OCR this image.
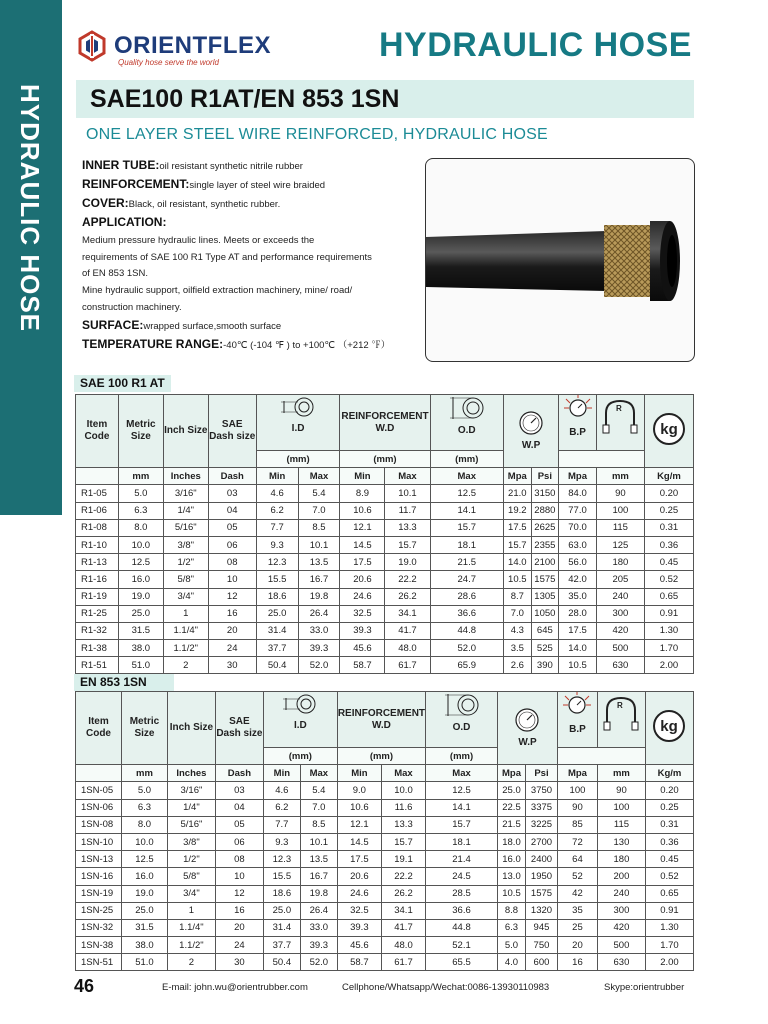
HYDRAULIC HOSE
ORIENTFLEX
Quality hose serve the world	HYDRAULIC HOSE
SAE100 R1AT/EN 853 1SN
ONE LAYER STEEL WIRE REINFORCED, HYDRAULIC HOSE
INNER TUBE:oil resistant synthetic nitrile rubber
REINFORCEMENT:single layer of steel wire braided
COVER:Black, oil resistant, synthetic rubber.
APPLICATION:
Medium pressure hydraulic lines. Meets or exceeds the
requirements of SAE 100 R1 Type AT and performance requirements
of EN 853 1SN.
Mine hydraulic support, oilfield extraction machinery, mine/ road/
construction machinery.
SURFACE:wrapped surface,smooth surface
TEMPERATURE RANGE:-40℃ (-104 ℉ ) to +100℃ （+212 ℉）
SAE 100 R1 AT
Item Code	Metric Size	Inch Size	SAE Dash size	I.D		REINFORCEMENT W.D		O.D	W.P		B.P	R	kg

				(mm)		(mm)		(mm)					
	mm	Inches	Dash	Min	Max	Min	Max	Max	Mpa	Psi	Mpa	mm	Kg/m
R1-05	5.0	3/16"	03	4.6	5.4	8.9	10.1	12.5	21.0	3150	84.0	90	0.20
R1-06	6.3	1/4"	04	6.2	7.0	10.6	11.7	14.1	19.2	2880	77.0	100	0.25
R1-08	8.0	5/16"	05	7.7	8.5	12.1	13.3	15.7	17.5	2625	70.0	115	0.31
R1-10	10.0	3/8"	06	9.3	10.1	14.5	15.7	18.1	15.7	2355	63.0	125	0.36
R1-13	12.5	1/2"	08	12.3	13.5	17.5	19.0	21.5	14.0	2100	56.0	180	0.45
R1-16	16.0	5/8"	10	15.5	16.7	20.6	22.2	24.7	10.5	1575	42.0	205	0.52
R1-19	19.0	3/4"	12	18.6	19.8	24.6	26.2	28.6	8.7	1305	35.0	240	0.65
R1-25	25.0	1	16	25.0	26.4	32.5	34.1	36.6	7.0	1050	28.0	300	0.91
R1-32	31.5	1.1/4"	20	31.4	33.0	39.3	41.7	44.8	4.3	645	17.5	420	1.30
R1-38	38.0	1.1/2"	24	37.7	39.3	45.6	48.0	52.0	3.5	525	14.0	500	1.70
R1-51	51.0	2	30	50.4	52.0	58.7	61.7	65.9	2.6	390	10.5	630	2.00
EN 853 1SN
Item Code	Metric Size	Inch Size	SAE Dash size	I.D		REINFORCEMENT W.D		O.D	W.P		B.P	R	kg

				(mm)		(mm)		(mm)					
	mm	Inches	Dash	Min	Max	Min	Max	Max	Mpa	Psi	Mpa	mm	Kg/m
1SN-05	5.0	3/16"	03	4.6	5.4	9.0	10.0	12.5	25.0	3750	100	90	0.20
1SN-06	6.3	1/4"	04	6.2	7.0	10.6	11.6	14.1	22.5	3375	90	100	0.25
1SN-08	8.0	5/16"	05	7.7	8.5	12.1	13.3	15.7	21.5	3225	85	115	0.31
1SN-10	10.0	3/8"	06	9.3	10.1	14.5	15.7	18.1	18.0	2700	72	130	0.36
1SN-13	12.5	1/2"	08	12.3	13.5	17.5	19.1	21.4	16.0	2400	64	180	0.45
1SN-16	16.0	5/8"	10	15.5	16.7	20.6	22.2	24.5	13.0	1950	52	200	0.52
1SN-19	19.0	3/4"	12	18.6	19.8	24.6	26.2	28.5	10.5	1575	42	240	0.65
1SN-25	25.0	1	16	25.0	26.4	32.5	34.1	36.6	8.8	1320	35	300	0.91
1SN-32	31.5	1.1/4"	20	31.4	33.0	39.3	41.7	44.8	6.3	945	25	420	1.30
1SN-38	38.0	1.1/2"	24	37.7	39.3	45.6	48.0	52.1	5.0	750	20	500	1.70
1SN-51	51.0	2	30	50.4	52.0	58.7	61.7	65.5	4.0	600	16	630	2.00
46	E-mail: john.wu@orientrubber.com	Cellphone/Whatsapp/Wechat:0086-13930110983	Skype:orientrubber
